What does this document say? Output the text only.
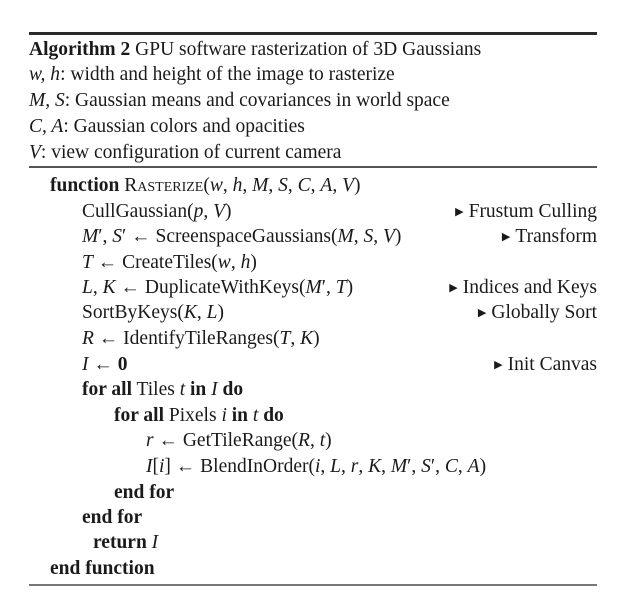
Algorithm 2 GPU software rasterization of 3D Gaussians
w, h: width and height of the image to rasterize
M, S: Gaussian means and covariances in world space
C, A: Gaussian colors and opacities
V: view configuration of current camera
function Rasterize(w, h, M, S, C, A, V)
CullGaussian(p, V)	▶ Frustum Culling
M′, S′ ← ScreenspaceGaussians(M, S, V)	▶ Transform
T ← CreateTiles(w, h)
L, K ← DuplicateWithKeys(M′, T)	▶ Indices and Keys
SortByKeys(K, L)	▶ Globally Sort
R ← IdentifyTileRanges(T, K)
I ← 0	▶ Init Canvas
for all Tiles t in I do
for all Pixels i in t do
r ← GetTileRange(R, t)
I[i] ← BlendInOrder(i, L, r, K, M′, S′, C, A)
end for
end for
return I
end function
